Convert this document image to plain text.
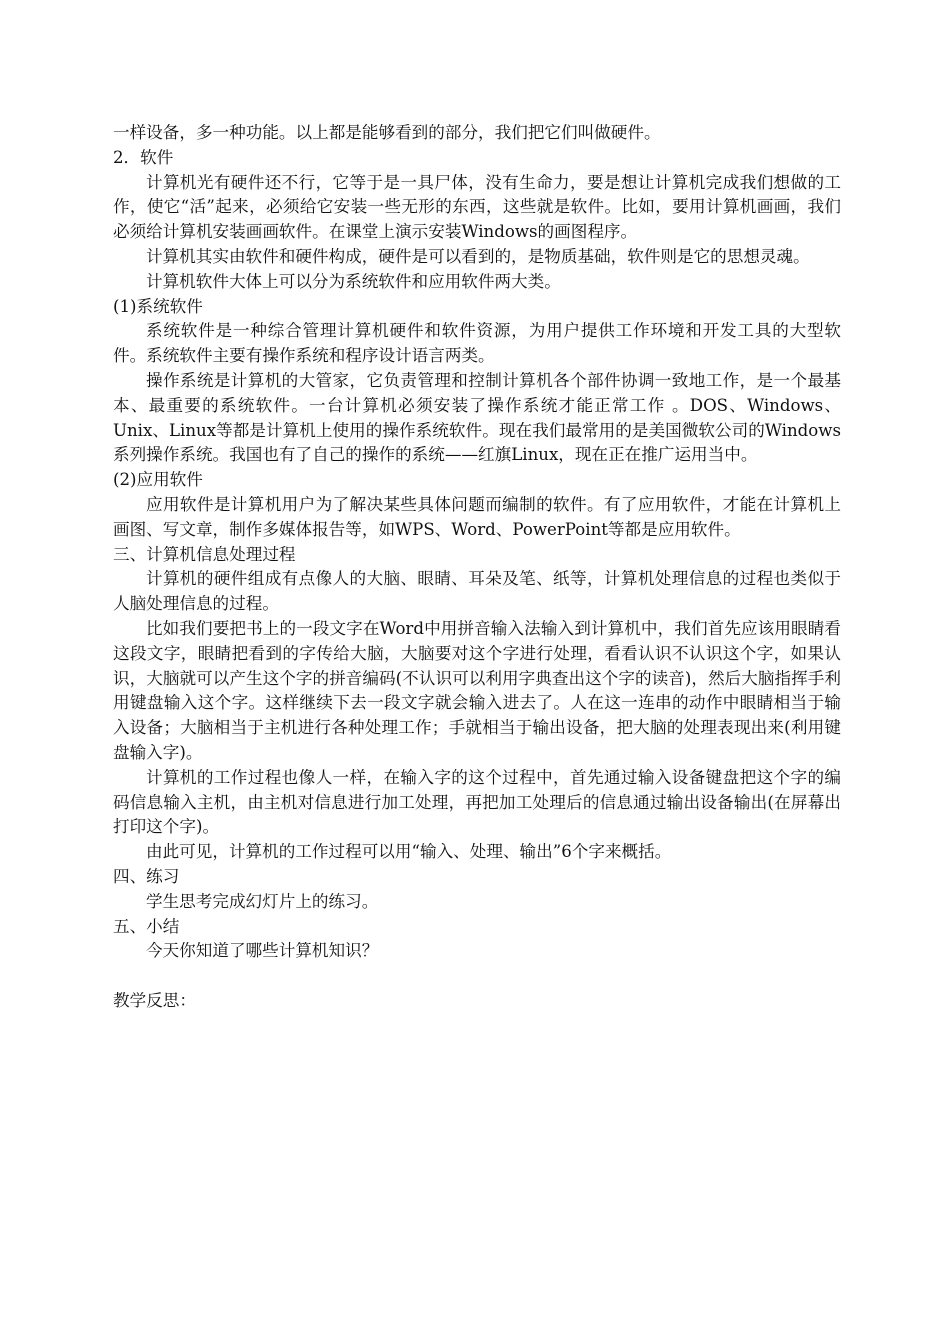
一样设备，多一种功能。以上都是能够看到的部分，我们把它们叫做硬件。

2．软件

计算机光有硬件还不行，它等于是一具尸体，没有生命力，要是想让计算机完成我们想做的工作，使它“活”起来，必须给它安装一些无形的东西，这些就是软件。比如，要用计算机画画，我们必须给计算机安装画画软件。在课堂上演示安装Windows的画图程序。

计算机其实由软件和硬件构成，硬件是可以看到的，是物质基础，软件则是它的思想灵魂。

计算机软件大体上可以分为系统软件和应用软件两大类。

(1)系统软件

系统软件是一种综合管理计算机硬件和软件资源，为用户提供工作环境和开发工具的大型软件。系统软件主要有操作系统和程序设计语言两类。

操作系统是计算机的大管家，它负责管理和控制计算机各个部件协调一致地工作，是一个最基本、最重要的系统软件。一台计算机必须安装了操作系统才能正常工作 。DOS、Windows、Unix、Linux等都是计算机上使用的操作系统软件。现在我们最常用的是美国微软公司的Windows系列操作系统。我国也有了自己的操作的系统——红旗Linux，现在正在推广运用当中。

(2)应用软件

应用软件是计算机用户为了解决某些具体问题而编制的软件。有了应用软件，才能在计算机上画图、写文章，制作多媒体报告等，如WPS、Word、PowerPoint等都是应用软件。

三、计算机信息处理过程

计算机的硬件组成有点像人的大脑、眼睛、耳朵及笔、纸等，计算机处理信息的过程也类似于人脑处理信息的过程。

比如我们要把书上的一段文字在Word中用拼音输入法输入到计算机中，我们首先应该用眼睛看这段文字，眼睛把看到的字传给大脑，大脑要对这个字进行处理，看看认识不认识这个字，如果认识，大脑就可以产生这个字的拼音编码(不认识可以利用字典查出这个字的读音)，然后大脑指挥手利用键盘输入这个字。这样继续下去一段文字就会输入进去了。人在这一连串的动作中眼睛相当于输入设备；大脑相当于主机进行各种处理工作；手就相当于输出设备，把大脑的处理表现出来(利用键盘输入字)。

计算机的工作过程也像人一样，在输入字的这个过程中，首先通过输入设备键盘把这个字的编码信息输入主机，由主机对信息进行加工处理，再把加工处理后的信息通过输出设备输出(在屏幕出打印这个字)。

由此可见，计算机的工作过程可以用“输入、处理、输出”6个字来概括。

四、练习

学生思考完成幻灯片上的练习。

五、小结

今天你知道了哪些计算机知识？

教学反思：
